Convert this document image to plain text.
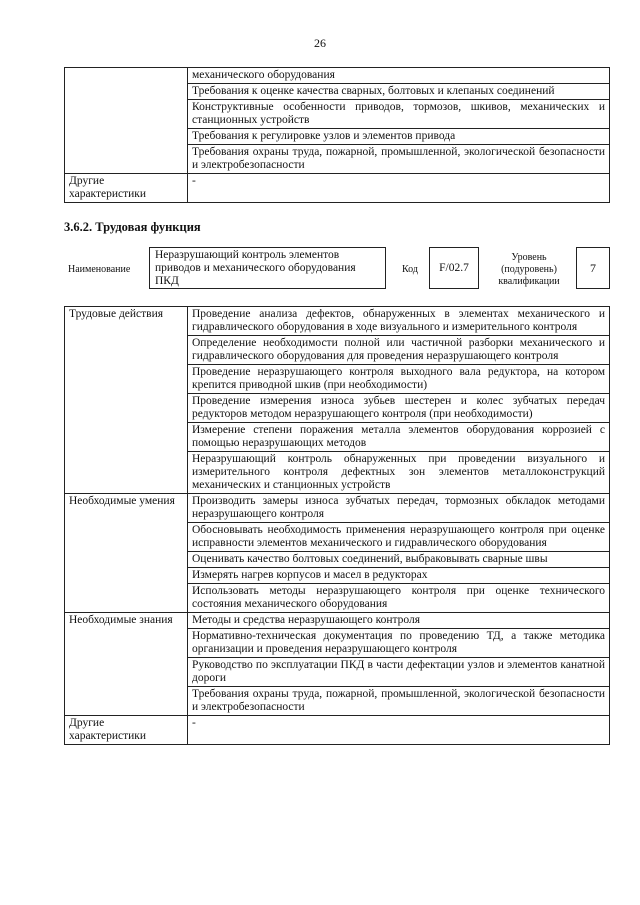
26
	механического оборудования
	Требования к оценке качества сварных, болтовых и клепаных соединений
	Конструктивные особенности приводов, тормозов, шкивов, механических и станционных устройств
	Требования к регулировке узлов и элементов привода
	Требования охраны труда, пожарной, промышленной, экологической безопасности и электробезопасности
Другие характеристики	-
3.6.2. Трудовая функция
Наименование
Неразрушающий контроль элементов приводов и механического оборудования ПКД
Код	F/02.7
Уровень (подуровень) квалификации
7
Трудовые действия	Проведение анализа дефектов, обнаруженных в элементах механического и гидравлического оборудования в ходе визуального и измерительного контроля
	Определение необходимости полной или частичной разборки механического и гидравлического оборудования для проведения неразрушающего контроля
	Проведение неразрушающего контроля выходного вала редуктора, на котором крепится приводной шкив (при необходимости)
	Проведение измерения износа зубьев шестерен и колес зубчатых передач редукторов методом неразрушающего контроля (при необходимости)
	Измерение степени поражения металла элементов оборудования коррозией с помощью неразрушающих методов
	Неразрушающий контроль обнаруженных при проведении визуального и измерительного контроля дефектных зон элементов металлоконструкций механических и станционных устройств
Необходимые умения	Производить замеры износа зубчатых передач, тормозных обкладок методами неразрушающего контроля
	Обосновывать необходимость применения неразрушающего контроля при оценке исправности элементов механического и гидравлического оборудования
	Оценивать качество болтовых соединений, выбраковывать сварные швы
	Измерять нагрев корпусов и масел в редукторах
	Использовать методы неразрушающего контроля при оценке технического состояния механического оборудования
Необходимые знания	Методы и средства неразрушающего контроля
	Нормативно-техническая документация по проведению ТД, а также методика организации и проведения неразрушающего контроля
	Руководство по эксплуатации ПКД в части дефектации узлов и элементов канатной дороги
	Требования охраны труда, пожарной, промышленной, экологической безопасности и электробезопасности
Другие характеристики	-
